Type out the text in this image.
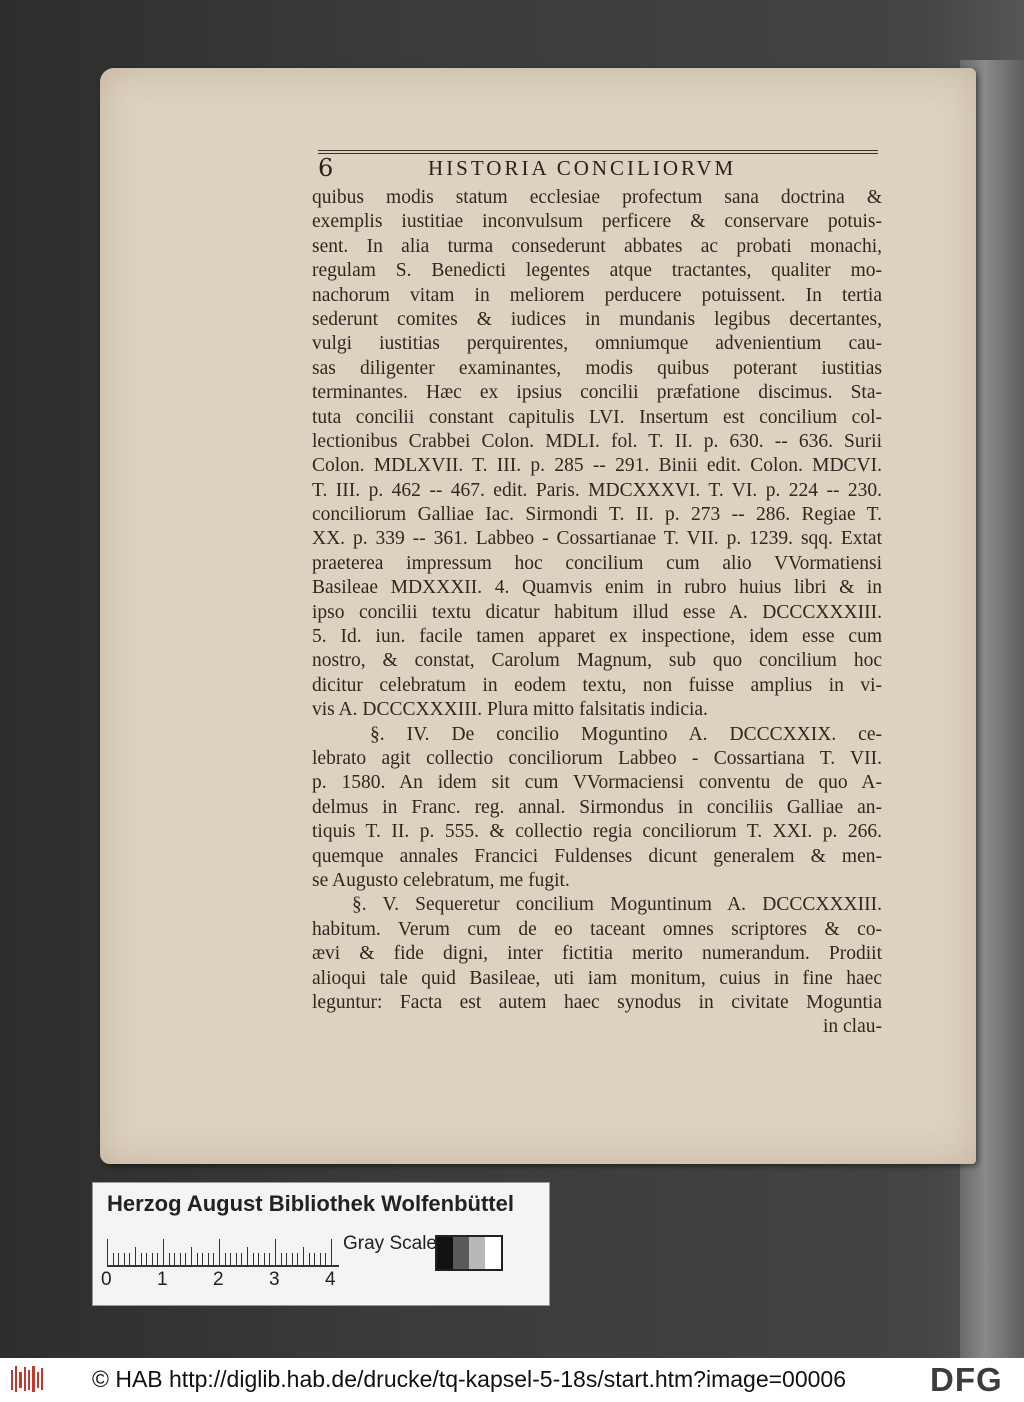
6	HISTORIA CONCILIORVM
quibus modis statum ecclesiae profectum sana doctrina &
exemplis iustitiae inconvulsum perficere & conservare potuis-
sent. In alia turma consederunt abbates ac probati monachi,
regulam S. Benedicti legentes atque tractantes, qualiter mo-
nachorum vitam in meliorem perducere potuissent. In tertia
sederunt comites & iudices in mundanis legibus decertantes,
vulgi iustitias perquirentes, omniumque advenientium cau-
sas diligenter examinantes, modis quibus poterant iustitias
terminantes. Hæc ex ipsius concilii præfatione discimus. Sta-
tuta concilii constant capitulis LVI. Insertum est concilium col-
lectionibus Crabbei Colon. MDLI. fol. T. II. p. 630. -- 636. Surii
Colon. MDLXVII. T. III. p. 285 -- 291. Binii edit. Colon. MDCVI.
T. III. p. 462 -- 467. edit. Paris. MDCXXXVI. T. VI. p. 224 -- 230.
conciliorum Galliae Iac. Sirmondi T. II. p. 273 -- 286. Regiae T.
XX. p. 339 -- 361. Labbeo - Cossartianae T. VII. p. 1239. sqq. Extat
praeterea impressum hoc concilium cum alio VVormatiensi
Basileae MDXXXII. 4. Quamvis enim in rubro huius libri & in
ipso concilii textu dicatur habitum illud esse A. DCCCXXXIII.
5. Id. iun. facile tamen apparet ex inspectione, idem esse cum
nostro, & constat, Carolum Magnum, sub quo concilium hoc
dicitur celebratum in eodem textu, non fuisse amplius in vi-
vis A. DCCCXXXIII. Plura mitto falsitatis indicia.
§. IV. De concilio Moguntino A. DCCCXXIX. ce-
lebrato agit collectio conciliorum Labbeo - Cossartiana T. VII.
p. 1580. An idem sit cum VVormaciensi conventu de quo A-
delmus in Franc. reg. annal. Sirmondus in conciliis Galliae an-
tiquis T. II. p. 555. & collectio regia conciliorum T. XXI. p. 266.
quemque annales Francici Fuldenses dicunt generalem & men-
se Augusto celebratum, me fugit.
§. V. Sequeretur concilium Moguntinum A. DCCCXXXIII.
habitum. Verum cum de eo taceant omnes scriptores & co-
ævi & fide digni, inter fictitia merito numerandum. Prodiit
alioqui tale quid Basileae, uti iam monitum, cuius in fine haec
leguntur: Facta est autem haec synodus in civitate Moguntia
in clau-
Herzog August Bibliothek Wolfenbüttel
0 1 2 3 4
Gray Scale
© HAB http://diglib.hab.de/drucke/tq-kapsel-5-18s/start.htm?image=00006	DFG
